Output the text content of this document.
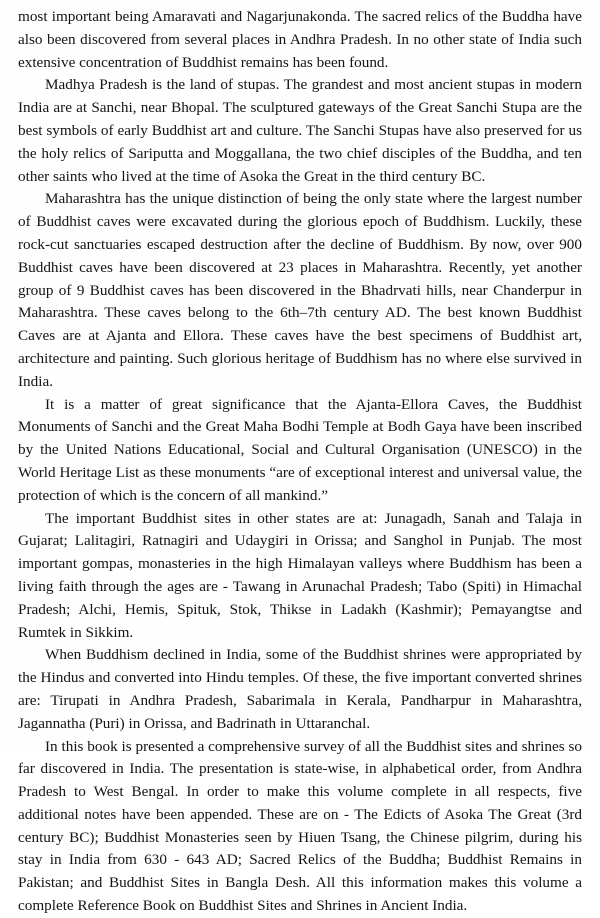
most important being Amaravati and Nagarjunakonda. The sacred relics of the Buddha have also been discovered from several places in Andhra Pradesh. In no other state of India such extensive concentration of Buddhist remains has been found.

Madhya Pradesh is the land of stupas. The grandest and most ancient stupas in modern India are at Sanchi, near Bhopal. The sculptured gateways of the Great Sanchi Stupa are the best symbols of early Buddhist art and culture. The Sanchi Stupas have also preserved for us the holy relics of Sariputta and Moggallana, the two chief disciples of the Buddha, and ten other saints who lived at the time of Asoka the Great in the third century BC.

Maharashtra has the unique distinction of being the only state where the largest number of Buddhist caves were excavated during the glorious epoch of Buddhism. Luckily, these rock-cut sanctuaries escaped destruction after the decline of Buddhism. By now, over 900 Buddhist caves have been discovered at 23 places in Maharashtra. Recently, yet another group of 9 Buddhist caves has been discovered in the Bhadrvati hills, near Chanderpur in Maharashtra. These caves belong to the 6th–7th century AD. The best known Buddhist Caves are at Ajanta and Ellora. These caves have the best specimens of Buddhist art, architecture and painting. Such glorious heritage of Buddhism has no where else survived in India.

It is a matter of great significance that the Ajanta-Ellora Caves, the Buddhist Monuments of Sanchi and the Great Maha Bodhi Temple at Bodh Gaya have been inscribed by the United Nations Educational, Social and Cultural Organisation (UNESCO) in the World Heritage List as these monuments “are of exceptional interest and universal value, the protection of which is the concern of all mankind.”

The important Buddhist sites in other states are at: Junagadh, Sanah and Talaja in Gujarat; Lalitagiri, Ratnagiri and Udaygiri in Orissa; and Sanghol in Punjab. The most important gompas, monasteries in the high Himalayan valleys where Buddhism has been a living faith through the ages are - Tawang in Arunachal Pradesh; Tabo (Spiti) in Himachal Pradesh; Alchi, Hemis, Spituk, Stok, Thikse in Ladakh (Kashmir); Pemayangtse and Rumtek in Sikkim.

When Buddhism declined in India, some of the Buddhist shrines were appropriated by the Hindus and converted into Hindu temples. Of these, the five important converted shrines are: Tirupati in Andhra Pradesh, Sabarimala in Kerala, Pandharpur in Maharashtra, Jagannatha (Puri) in Orissa, and Badrinath in Uttaranchal.

In this book is presented a comprehensive survey of all the Buddhist sites and shrines so far discovered in India. The presentation is state-wise, in alphabetical order, from Andhra Pradesh to West Bengal. In order to make this volume complete in all respects, five additional notes have been appended. These are on - The Edicts of Asoka The Great (3rd century BC); Buddhist Monasteries seen by Hiuen Tsang, the Chinese pilgrim, during his stay in India from 630 - 643 AD; Sacred Relics of the Buddha; Buddhist Remains in Pakistan; and Buddhist Sites in Bangla Desh. All this information makes this volume a complete Reference Book on Buddhist Sites and Shrines in Ancient India.
